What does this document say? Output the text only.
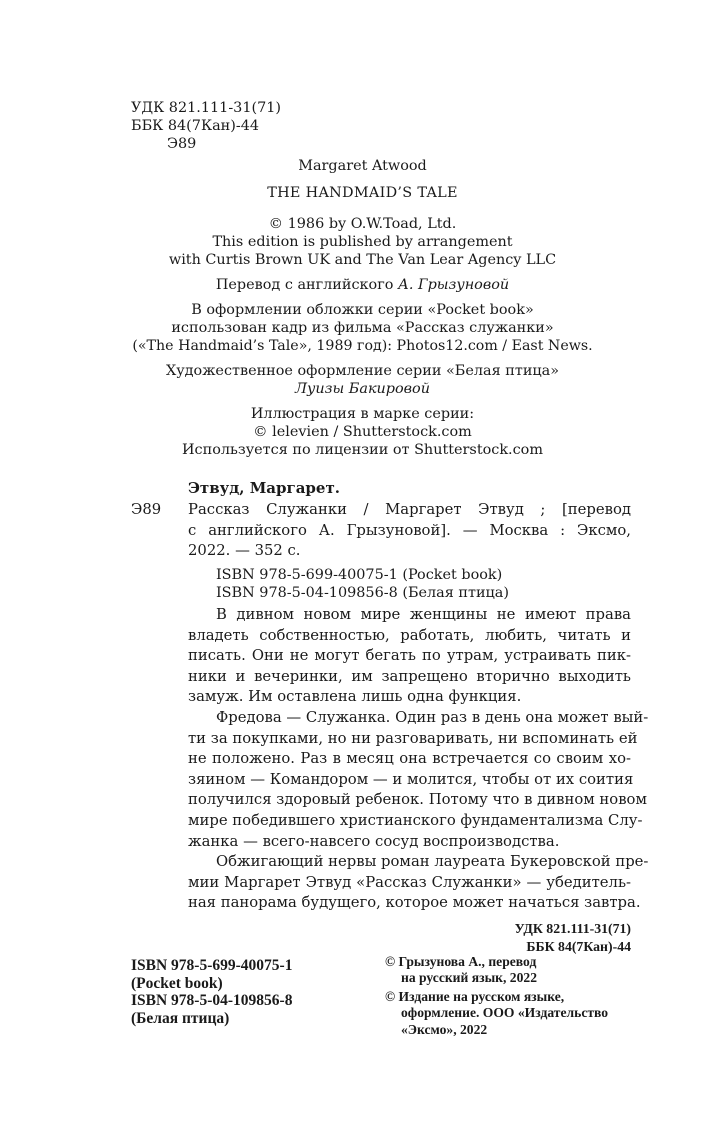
УДК 821.111-31(71)

ББК 84(7Кан)-44

Э89

Margaret Atwood

THE HANDMAID’S TALE

© 1986 by O.W.Toad, Ltd.

This edition is published by arrangement

with Curtis Brown UK and The Van Lear Agency LLC

Перевод с английского А. Грызуновой

В оформлении обложки серии «Pocket book»

использован кадр из фильма «Рассказ служанки»

(«The Handmaid’s Tale», 1989 год): Photos12.com / East News.

Художественное оформление серии «Белая птица»

Луизы Бакировой

Иллюстрация в марке серии:

© lelevien / Shutterstock.com

Используется по лицензии от Shutterstock.com

Этвуд, Маргарет.

Э89 Рассказ Служанки / Маргарет Этвуд ; [перевод

с английского А. Грызуновой]. — Москва : Эксмо,

2022. — 352 с.

ISBN 978-5-699-40075-1 (Pocket book)

ISBN 978-5-04-109856-8 (Белая птица)

В дивном новом мире женщины не имеют права

владеть собственностью, работать, любить, читать и

писать. Они не могут бегать по утрам, устраивать пик-

ники и вечеринки, им запрещено вторично выходить

замуж. Им оставлена лишь одна функция.

Фредова — Служанка. Один раз в день она может вый-

ти за покупками, но ни разговаривать, ни вспоминать ей

не положено. Раз в месяц она встречается со своим хо-

зяином — Командором — и молится, чтобы от их соития

получился здоровый ребенок. Потому что в дивном новом

мире победившего христианского фундаментализма Слу-

жанка — всего-навсего сосуд воспроизводства.

Обжигающий нервы роман лауреата Букеровской пре-

мии Маргарет Этвуд «Рассказ Служанки» — убедитель-

ная панорама будущего, которое может начаться завтра.

УДК 821.111-31(71)

ББК 84(7Кан)-44

ISBN 978-5-699-40075-1

(Pocket book)

ISBN 978-5-04-109856-8

(Белая птица)

© Грызунова А., перевод

на русский язык, 2022

© Издание на русском языке,

оформление. ООО «Издательство

«Эксмо», 2022
